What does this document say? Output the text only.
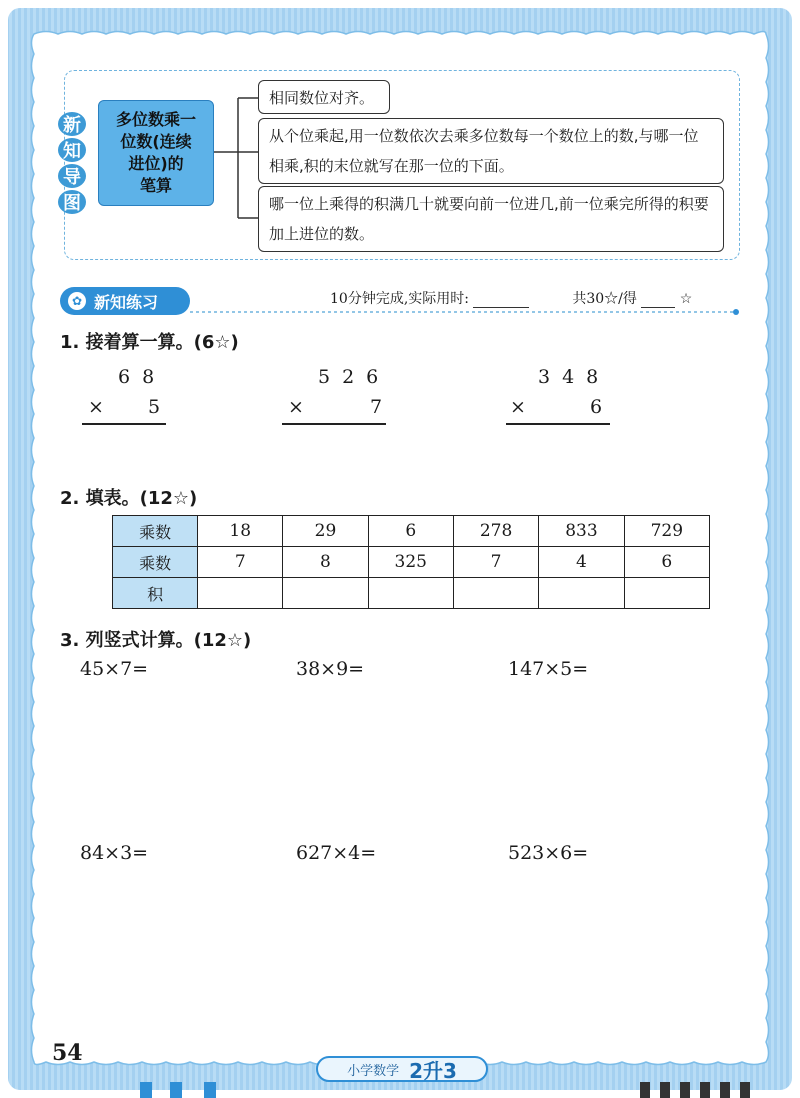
新
知
导
图
多位数乘一
位数(连续
进位)的
笔算
相同数位对齐。
从个位乘起,用一位数依次去乘多位数每一个数位上的数,与哪一位相乘,积的末位就写在那一位的下面。
哪一位上乘得的积满几十就要向前一位进几,前一位乘完所得的积要加上进位的数。
✿ 新知练习	10分钟完成,实际用时:	共30☆/得	☆
1. 接着算一算。(6☆)
68
× 5
526
×	7
348
×	6
2. 填表。(12☆)
乘数	18	29	6	278	833	729
乘数	7	8	325	7	4	6
积						
3. 列竖式计算。(12☆)
45×7=	38×9=	147×5=
84×3=	627×4=	523×6=
54
小学数学 2升3
